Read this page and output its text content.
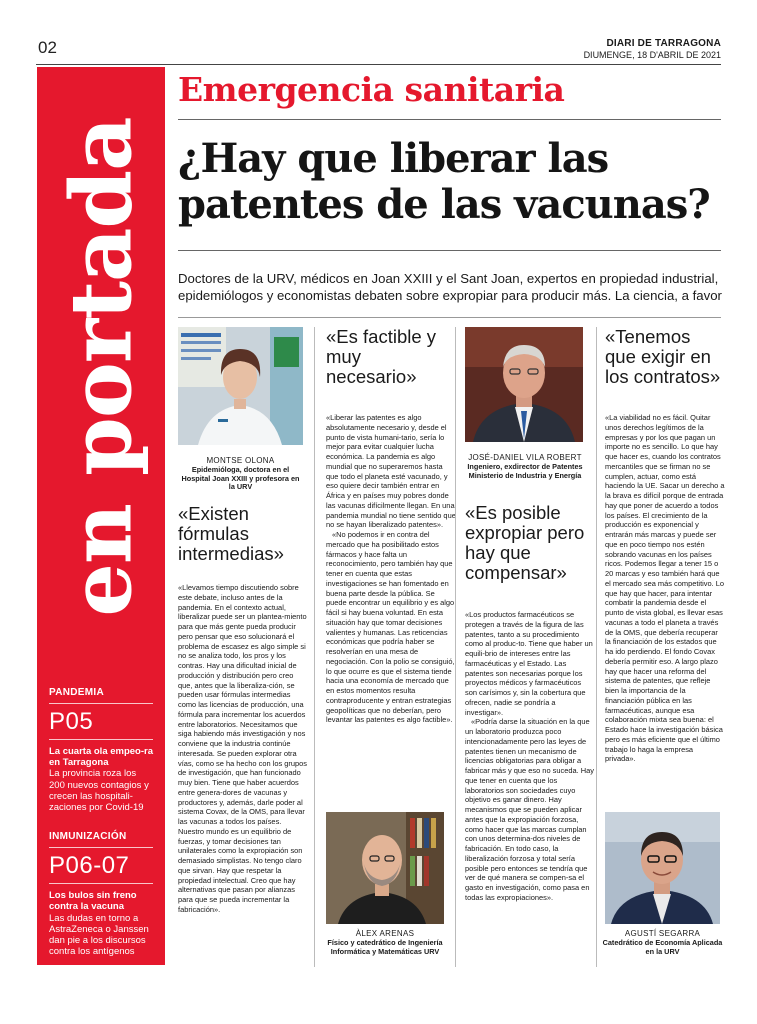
02	DIARI DE TARRAGONA
DIUMENGE, 18 D'ABRIL DE 2021
en portada
PANDEMIA
P05
La cuarta ola empeo-ra en Tarragona
La provincia roza los 200 nuevos contagios y crecen las hospitali-zaciones por Covid-19
INMUNIZACIÓN
P06-07
Los bulos sin freno contra la vacuna
Las dudas en torno a AstraZeneca o Janssen dan pie a los discursos contra los antígenos
Emergencia sanitaria
¿Hay que liberar las patentes de las vacunas?
Doctores de la URV, médicos en Joan XXIII y el Sant Joan, expertos en propiedad industrial, epidemiólogos y economistas debaten sobre expropiar para producir más. La ciencia, a favor
MONTSE OLONA
Epidemióloga, doctora en el Hospital Joan XXIII y profesora en la URV
«Existen fórmulas intermedias»

«Llevamos tiempo discutiendo sobre este debate, incluso antes de la pandemia. En el contexto actual, liberalizar puede ser un plantea-miento para que más gente pueda producir pero pensar que eso solucionará el problema de escasez es algo simple si no se analiza todo, los pros y los contras. Hay una dificultad inicial de producción y distribución pero creo que, antes que la liberaliza-ción, se pueden usar fórmulas intermedias como las licencias de producción, una fórmula para incrementar los acuerdos entre laboratorios. Necesitamos que siga habiendo más investigación y nos conviene que la industria continúe interesada. Se pueden explorar otra vías, como se ha hecho con los grupos de investigación, que han funcionado muy bien. Tiene que haber acuerdos entre genera-dores de vacunas y productores y, además, darle poder al sistema Covax, de la OMS, para llevar las vacunas a todos los países. Nuestro mundo es un equilibrio de fuerzas, y tomar decisiones tan unilaterales como la expropiación son demasiado simplistas. No tengo claro que sirvan. Hay que respetar la propiedad intelectual. Creo que hay alternativas que pasan por alianzas para que se pueda incrementar la fabricación».

«Es factible y muy necesario»

«Liberar las patentes es algo absolutamente necesario y, desde el punto de vista humani-tario, sería lo mejor para evitar cualquier lucha económica. La pandemia es algo mundial que no superaremos hasta que todo el planeta esté vacunado, y eso quiere decir también entrar en África y en países muy pobres donde las vacunas difícilmente llegan. En una pandemia mundial no tiene sentido que no se hayan liberalizado patentes».

«No podemos ir en contra del mercado que ha posibilitado estos fármacos y hace falta un reconocimiento, pero también hay que tener en cuenta que estas investigaciones se han fomentado en buena parte desde la pública. Se puede encontrar un equilibrio y es algo fácil si hay buena voluntad. En esta situación hay que tomar decisiones valientes y humanas. Las reticencias económicas que podría haber se resolverían en una mesa de negociación. Con la polio se consiguió, lo que ocurre es que el sistema tiende hacia una economía de mercado que en estos momentos resulta contraproducente y entran estrategias geopolíticas que no deberían, pero levantar las patentes es algo factible».

ÀLEX ARENAS
Físico y catedrático de Ingeniería Informática y Matemáticas URV
JOSÉ-DANIEL VILA ROBERT
Ingeniero, exdirector de Patentes Ministerio de Industria y Energía
«Es posible expropiar pero hay que compensar»

«Los productos farmacéuticos se protegen a través de la figura de las patentes, tanto a su procedimiento como al produc-to. Tiene que haber un equili-brio de intereses entre las farmacéuticas y el Estado. Las patentes son necesarias porque los proyectos médicos y farmacéuticos son carísimos y, sin la cobertura que ofrecen, nadie se pondría a investigar».

«Podría darse la situación en la que un laboratorio produzca poco intencionadamente pero las leyes de patentes tienen un mecanismo de licencias obligatorias para obligar a fabricar más y que eso no suceda. Hay que tener en cuenta que los laboratorios son sociedades cuyo objetivo es ganar dinero. Hay mecanismos que se pueden aplicar antes que la expropiación forzosa, como hacer que las marcas cumplan con unos determina-dos niveles de fabricación. En todo caso, la liberalización forzosa y total sería posible pero entonces se tendría que ver de qué manera se compen-sa el gasto en investigación, como pasa en todas las expropiaciones».

«Tenemos que exigir en los contratos»

«La viabilidad no es fácil. Quitar unos derechos legítimos de la empresas y por los que pagan un importe no es sencillo. Lo que hay que hacer es, cuando los contratos mercantiles que se firman no se cumplen, actuar, como está haciendo la UE. Sacar un derecho a la brava es difícil porque de entrada hay que poner de acuerdo a todos los países. El crecimiento de la producción es exponencial y entrarán más marcas y puede ser que en poco tiempo nos estén sobrando vacunas en los países ricos. Podemos llegar a tener 15 o 20 marcas y eso también hará que el mercado sea más competitivo. Lo que hay que hacer, para intentar combatir la pandemia desde el punto de vista global, es llevar esas vacunas a todo el planeta a través de la OMS, que debería recuperar la financiación de los estados que ha ido perdiendo. El fondo Covax debería permitir eso. A largo plazo hay que hacer una reforma del sistema de patentes, que refleje bien la importancia de la financiación pública en las farmacéuticas, aunque esa colaboración mixta sea buena: el Estado hace la investigación básica pero es más eficiente que el último trabajo lo haga la empresa privada».

AGUSTÍ SEGARRA
Catedrático de Economía Aplicada en la URV
